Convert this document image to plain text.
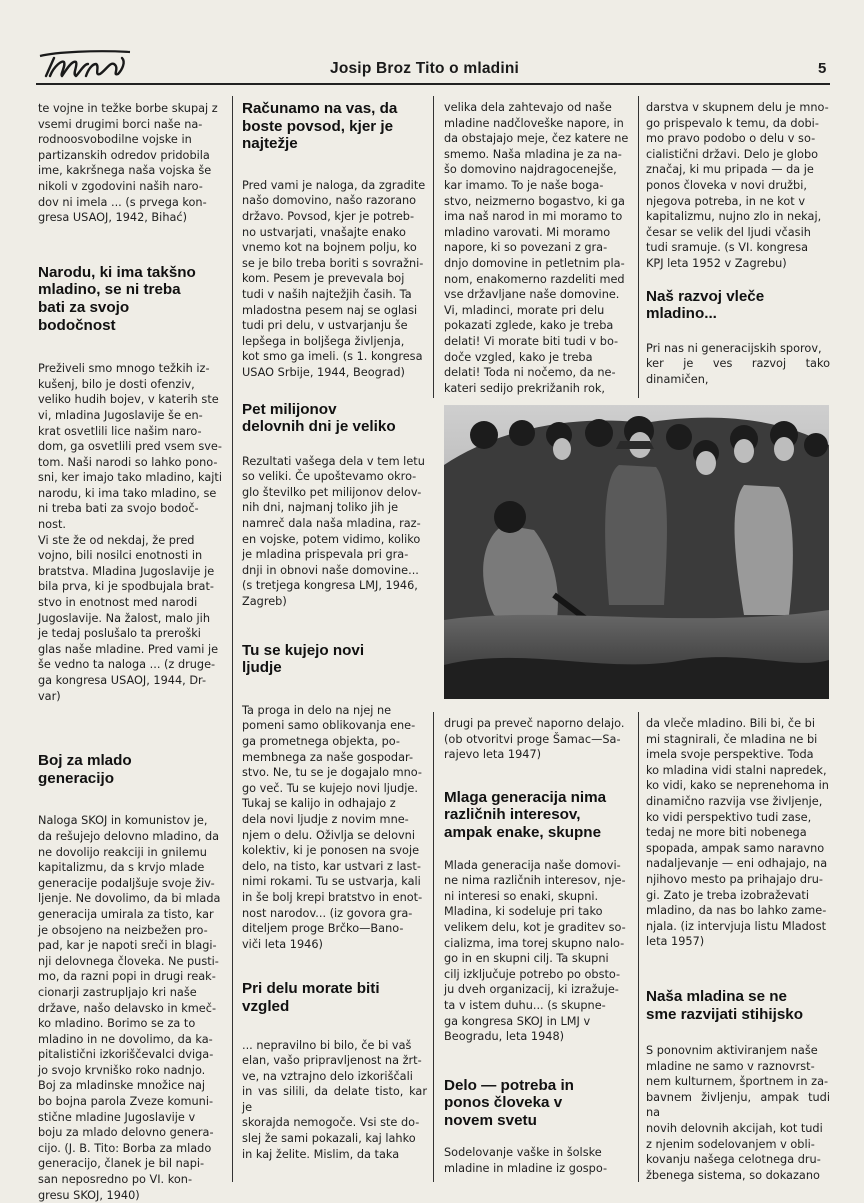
Josip Broz Tito o mladini	5

te vojne in težke borbe skupaj z
vsemi drugimi borci naše na-
rodnoosvobodilne vojske in
partizanskih odredov pridobila
ime, kakršnega naša vojska še
nikoli v zgodovini naših naro-
dov ni imela ... (s prvega kon-
gresa USAOJ, 1942, Bihać)

Narodu, ki ima takšno
mladino, se ni treba
bati za svojo
bodočnost

Preživeli smo mnogo težkih iz-
kušenj, bilo je dosti ofenziv,
veliko hudih bojev, v katerih ste
vi, mladina Jugoslavije še en-
krat osvetlili lice našim naro-
dom, ga osvetlili pred vsem sve-
tom. Naši narodi so lahko pono-
sni, ker imajo tako mladino, kajti
narodu, ki ima tako mladino, se
ni treba bati za svojo bodoč-
nost.
Vi ste že od nekdaj, že pred
vojno, bili nosilci enotnosti in
bratstva. Mladina Jugoslavije je
bila prva, ki je spodbujala brat-
stvo in enotnost med narodi
Jugoslavije. Na žalost, malo jih
je tedaj poslušalo ta preroški
glas naše mladine. Pred vami je
še vedno ta naloga ... (z druge-
ga kongresa USAOJ, 1944, Dr-
var)

Boj za mlado
generacijo

Naloga SKOJ in komunistov je,
da rešujejo delovno mladino, da
ne dovolijo reakciji in gnilemu
kapitalizmu, da s krvjo mlade
generacije podaljšuje svoje živ-
ljenje. Ne dovolimo, da bi mlada
generacija umirala za tisto, kar
je obsojeno na neizbežen pro-
pad, kar je napoti sreči in blagi-
nji delovnega človeka. Ne pusti-
mo, da razni popi in drugi reak-
cionarji zastrupljajo kri naše
države, našo delavsko in kmeč-
ko mladino. Borimo se za to
mladino in ne dovolimo, da ka-
pitalistični izkoriščevalci dviga-
jo svojo krvniško roko nadnjo.
Boj za mladinske množice naj
bo bojna parola Zveze komuni-
stične mladine Jugoslavije v
boju za mlado delovno genera-
cijo. (J. B. Tito: Borba za mlado
generacijo, članek je bil napi-
san neposredno po VI. kon-
gresu SKOJ, 1940)

Računamo na vas, da
boste povsod, kjer je
najtežje

Pred vami je naloga, da zgradite
našo domovino, našo razorano
državo. Povsod, kjer je potreb-
no ustvarjati, vnašajte enako
vnemo kot na bojnem polju, ko
se je bilo treba boriti s sovražni-
kom. Pesem je prevevala boj
tudi v naših najtežjih časih. Ta
mladostna pesem naj se oglasi
tudi pri delu, v ustvarjanju še
lepšega in boljšega življenja,
kot smo ga imeli. (s 1. kongresa
USAO Srbije, 1944, Beograd)

Pet milijonov
delovnih dni je veliko

Rezultati vašega dela v tem letu
so veliki. Če upoštevamo okro-
glo številko pet milijonov delov-
nih dni, najmanj toliko jih je
namreč dala naša mladina, raz-
en vojske, potem vidimo, koliko
je mladina prispevala pri gra-
dnji in obnovi naše domovine...
(s tretjega kongresa LMJ, 1946,
Zagreb)

Tu se kujejo novi
ljudje

Ta proga in delo na njej ne
pomeni samo oblikovanja ene-
ga prometnega objekta, po-
membnega za naše gospodar-
stvo. Ne, tu se je dogajalo mno-
go več. Tu se kujejo novi ljudje.
Tukaj se kalijo in odhajajo z
dela novi ljudje z novim mne-
njem o delu. Oživlja se delovni
kolektiv, ki je ponosen na svoje
delo, na tisto, kar ustvari z last-
nimi rokami. Tu se ustvarja, kali
in še bolj krepi bratstvo in enot-
nost narodov... (iz govora gra-
diteljem proge Brčko—Bano-
viči leta 1946)

Pri delu morate biti
vzgled

... nepravilno bi bilo, če bi vaš
elan, vašo pripravljenost na žrt-
ve, na vztrajno delo izkoriščali
in vas silili, da delate tisto, kar je
skorajda nemogoče. Vsi ste do-
slej že sami pokazali, kaj lahko
in kaj želite. Mislim, da taka

velika dela zahtevajo od naše
mladine nadčloveške napore, in
da obstajajo meje, čez katere ne
smemo. Naša mladina je za na-
šo domovino najdragocenejše,
kar imamo. To je naše boga-
stvo, neizmerno bogastvo, ki ga
ima naš narod in mi moramo to
mladino varovati. Mi moramo
napore, ki so povezani z gra-
dnjo domovine in petletnim pla-
nom, enakomerno razdeliti med
vse državljane naše domovine.
Vi, mladinci, morate pri delu
pokazati zglede, kako je treba
delati! Vi morate biti tudi v bo-
doče vzgled, kako je treba
delati! Toda ni nočemo, da ne-
kateri sedijo prekrižanih rok,

darstva v skupnem delu je mno-
go prispevalo k temu, da dobi-
mo pravo podobo o delu v so-
cialistični državi. Delo je globo
značaj, ki mu pripada — da je
ponos človeka v novi družbi,
njegova potreba, in ne kot v
kapitalizmu, nujno zlo in nekaj,
česar se velik del ljudi včasih
tudi sramuje. (s VI. kongresa
KPJ leta 1952 v Zagrebu)

Naš razvoj vleče
mladino...

Pri nas ni generacijskih sporov,
ker je ves razvoj tako dinamičen,

drugi pa preveč naporno delajo.
(ob otvoritvi proge Šamac—Sa-
rajevo leta 1947)

Mlaga generacija nima
različnih interesov,
ampak enake, skupne

Mlada generacija naše domovi-
ne nima različnih interesov, nje-
ni interesi so enaki, skupni.
Mladina, ki sodeluje pri tako
velikem delu, kot je graditev so-
cializma, ima torej skupno nalo-
go in en skupni cilj. Ta skupni
cilj izključuje potrebo po obsto-
ju dveh organizacij, ki izražuje-
ta v istem duhu... (s skupne-
ga kongresa SKOJ in LMJ v
Beogradu, leta 1948)

Delo — potreba in
ponos človeka v
novem svetu

Sodelovanje vaške in šolske
mladine in mladine iz gospo-

da vleče mladino. Bili bi, če bi
mi stagnirali, če mladina ne bi
imela svoje perspektive. Toda
ko mladina vidi stalni napredek,
ko vidi, kako se neprenehoma in
dinamično razvija vse življenje,
ko vidi perspektivo tudi zase,
tedaj ne more biti nobenega
spopada, ampak samo naravno
nadaljevanje — eni odhajajo, na
njihovo mesto pa prihajajo dru-
gi. Zato je treba izobraževati
mladino, da nas bo lahko zame-
njala. (iz intervjuja listu Mladost
leta 1957)

Naša mladina se ne
sme razvijati stihijsko

S ponovnim aktiviranjem naše
mladine ne samo v raznovrst-
nem kulturnem, športnem in za-
bavnem življenju, ampak tudi na
novih delovnih akcijah, kot tudi
z njenim sodelovanjem v obli-
kovanju našega celotnega dru-
žbenega sistema, so dokazano
